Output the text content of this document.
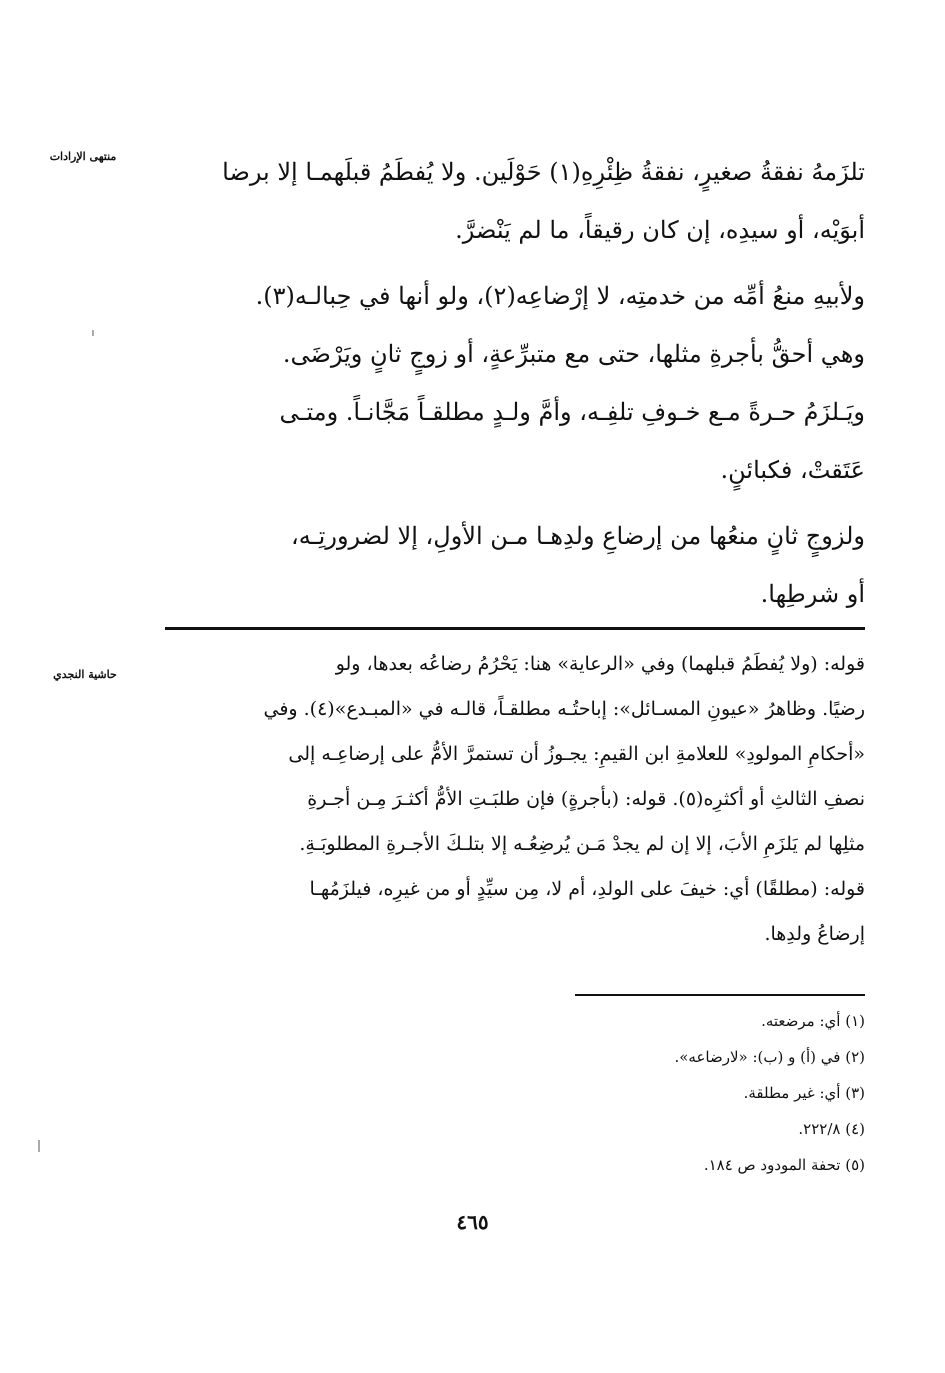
منتهى الإرادات
تلزَمهُ نفقةُ صغيرٍ، نفقةُ ظِئْرِهِ(١) حَوْلَين. ولا يُفطَمُ قبلَهمـا إلا برضا
أبوَيْه، أو سيدِه، إن كان رقيقاً، ما لم يَنْضرَّ.
ولأبيهِ منعُ أمِّه من خدمتِه، لا إرْضاعِه(٢)، ولو أنها في حِبالـه(٣).
وهي أحقُّ بأجرةِ مثلها، حتى مع متبرِّعةٍ، أو زوجٍ ثانٍ ويَرْضَى.
ويَـلزَمُ حـرةً مـع خـوفِ تلفِـه، وأمَّ ولـدٍ مطلقـاً مَجَّانـاً. ومتـى
عَتَقتْ، فكبائنٍ.
ولزوجٍ ثانٍ منعُها من إرضاعِ ولدِهـا مـن الأولِ، إلا لضرورتِـه،
أو شرطِها.
حاشية النجدي	قوله: (ولا يُفطَمُ قبلهما) وفي «الرعاية» هنا: يَحْرُمُ رضاعُه بعدها، ولو
رضيًا. وظاهرُ «عيونِ المسـائل»: إباحتُـه مطلقـاً، قالـه في «المبـدع»(٤). وفي
«أحكامِ المولودِ» للعلامةِ ابن القيمِ: يجـوزُ أن تستمرَّ الأمُّ على إرضاعِـه إلى
نصفِ الثالثِ أو أكثرِه(٥). قوله: (بأجرةٍ) فإن طلبَـتِ الأمُّ أكثـرَ مِـن أجـرةِ
مثلِها لم يَلزَمِ الأبَ، إلا إن لم يجدْ مَـن يُرضِعُـه إلا بتلـكَ الأجـرةِ المطلوبَـةِ.
قوله: (مطلقًا) أي: خيفَ على الولدِ، أم لا، مِن سيِّدٍ أو من غيرِه، فيلزَمُهـا
إرضاعُ ولدِها.
(١) أي: مرضعته.
(٢) في (أ) و (ب): «لارضاعه».
(٣) أي: غير مطلقة.
(٤) ٢٢٢/٨.
(٥) تحفة المودود ص ١٨٤.
٤٦٥
